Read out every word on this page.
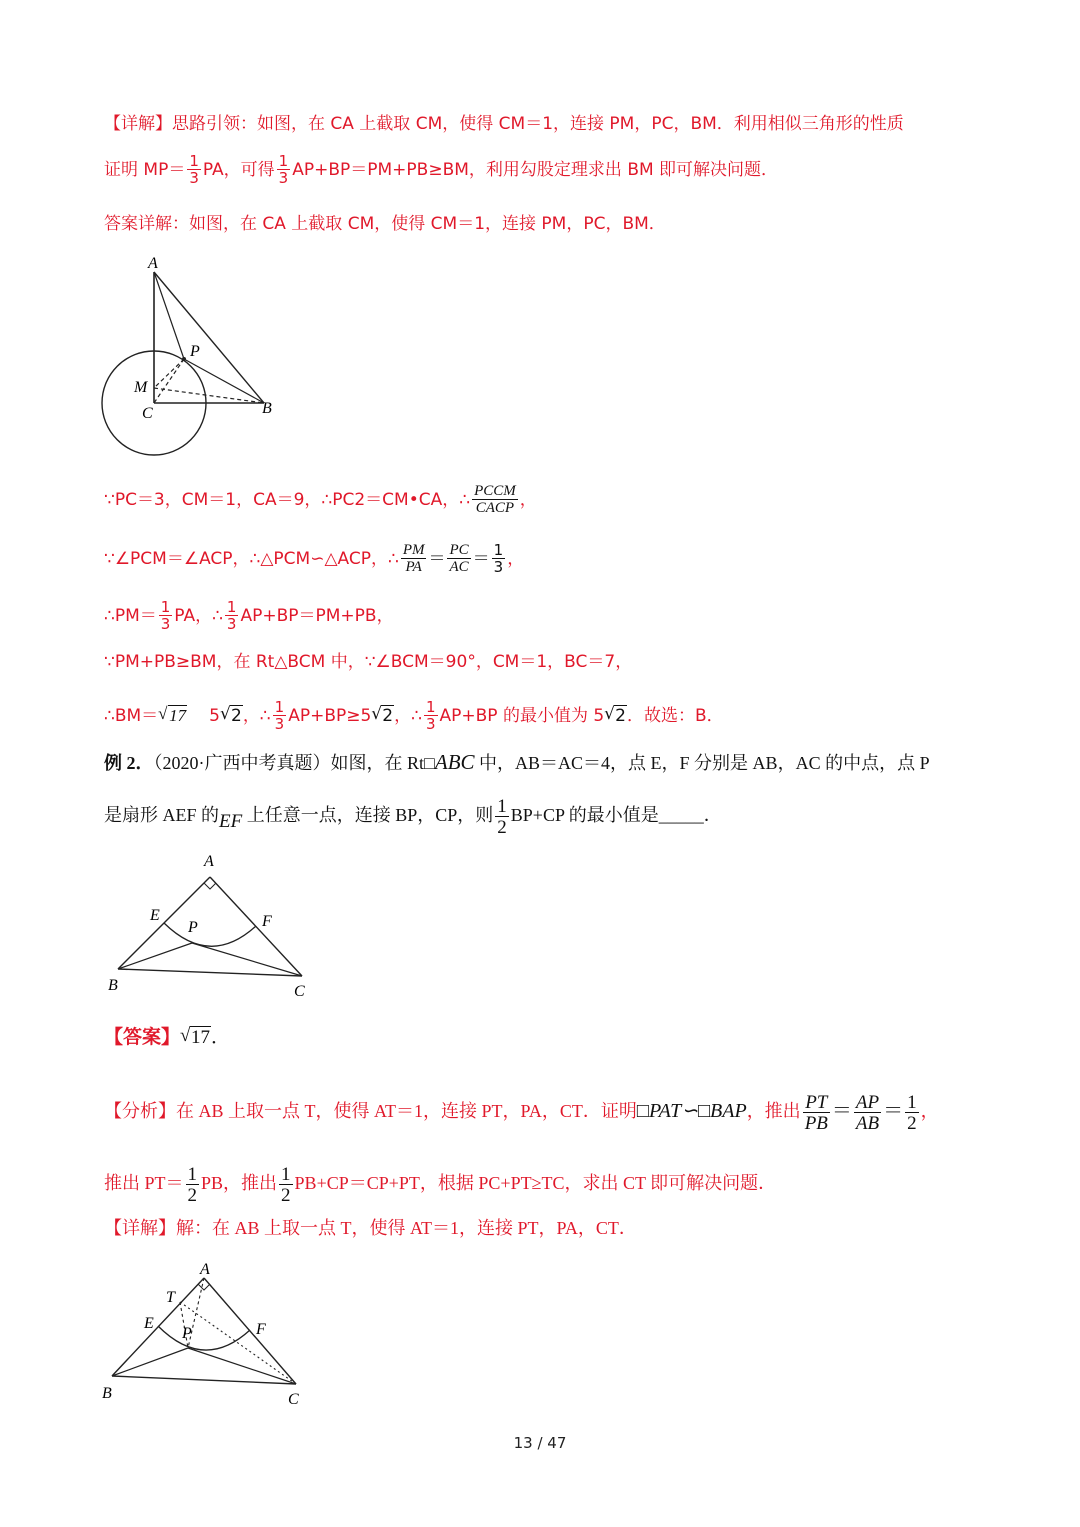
【详解】思路引领：如图，在 CA 上截取 CM，使得 CM＝1，连接 PM，PC，BM．利用相似三角形的性质
证明 $MP= \frac{1}{3}$ PA，可得 $\frac{1}{3} AP+BP=PM+PB\ge BM$，利用勾股定理求出 BM 即可解决问题．
答案详解：如图，在 CA 上截取 CM，使得 CM＝1，连接 PM，PC，BM．
A
P
M
C	B
∵PC＝3，CM＝1，CA＝9，∴PC2＝CM•CA，∴ $\frac{\text{PCCM}}{\text{CACP}}$ ，
∵∠PCM＝∠ACP，∴△PCM∽△ACP，∴ $\frac{PM}{PA} = \frac{PC}{AC} = \frac{1}{3}$ ，
∴PM＝ $\frac{1}{3}$ PA，∴ $\frac{1}{3} AP+BP=PM+PB$，
∵PM+PB≥BM，在 Rt△BCM 中，∵∠BCM＝90°，CM＝1，BC＝7，
∴BM＝√ 17 5√ 2，∴ $\frac{1}{3} AP+BP\ge 5√$ 2，∴ $\frac{1}{3} AP+BP$ 的最小值为 5√ 2．故选：B．
例 2．（2020·广西中考真题）如图，在 Rt□ABC 中，AB＝AC＝4，点 E，F 分别是 AB，AC 的中点，点 P
是扇形 AEF 的EF 上任意一点，连接 BP，CP，则 $\frac{1}{2} BP+CP$ 的最小值是_____．
A
E
P	F
B	C
【答案】√ 17．
【分析】在 AB 上取一点 T，使得 AT＝1，连接 PT，PA，CT．证明□PAT∽□BAP，推出 $\frac{PT}{PB} = \frac{AP}{AB} = \frac{1}{2}$ ，
推出 $PT= \frac{1}{2}$ PB，推出 $\frac{1}{2} PB+CP=CP+PT$，根据 PC+PT≥TC，求出 CT 即可解决问题．
【详解】解：在 AB 上取一点 T，使得 AT＝1，连接 PT，PA，CT．
A
T
E
P	F
B	C
13 / 47
